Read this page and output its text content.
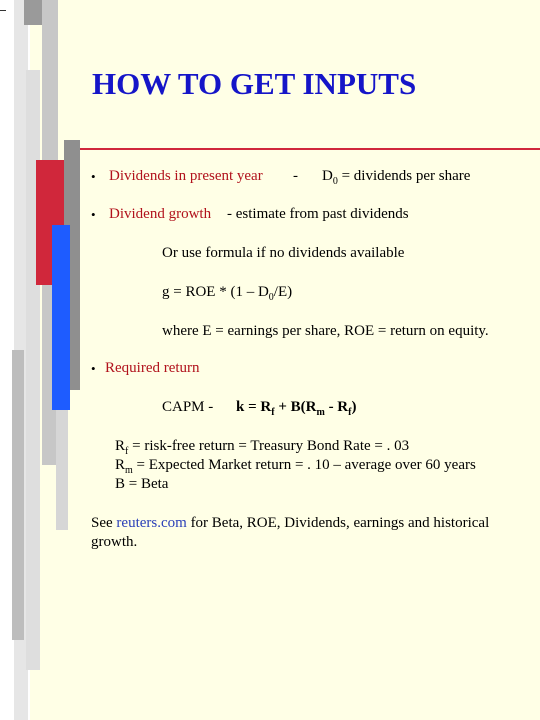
HOW TO GET INPUTS
• Dividends in present year - $D_0$ = dividends per share
• Dividend growth - estimate from past dividends
Or use formula if no dividends available
g = ROE * $(1 - D_0/E)$
where E = earnings per share, ROE = return on equity.
• Required return
CAPM - $k = R_f + B(R_m - R_f)$
$R_f$ = risk-free return = Treasury Bond Rate = . 03
$R_m$ = Expected Market return = . 10 – average over 60 years
B = Beta
See reuters.com for Beta, ROE, Dividends, earnings and historical
growth.
